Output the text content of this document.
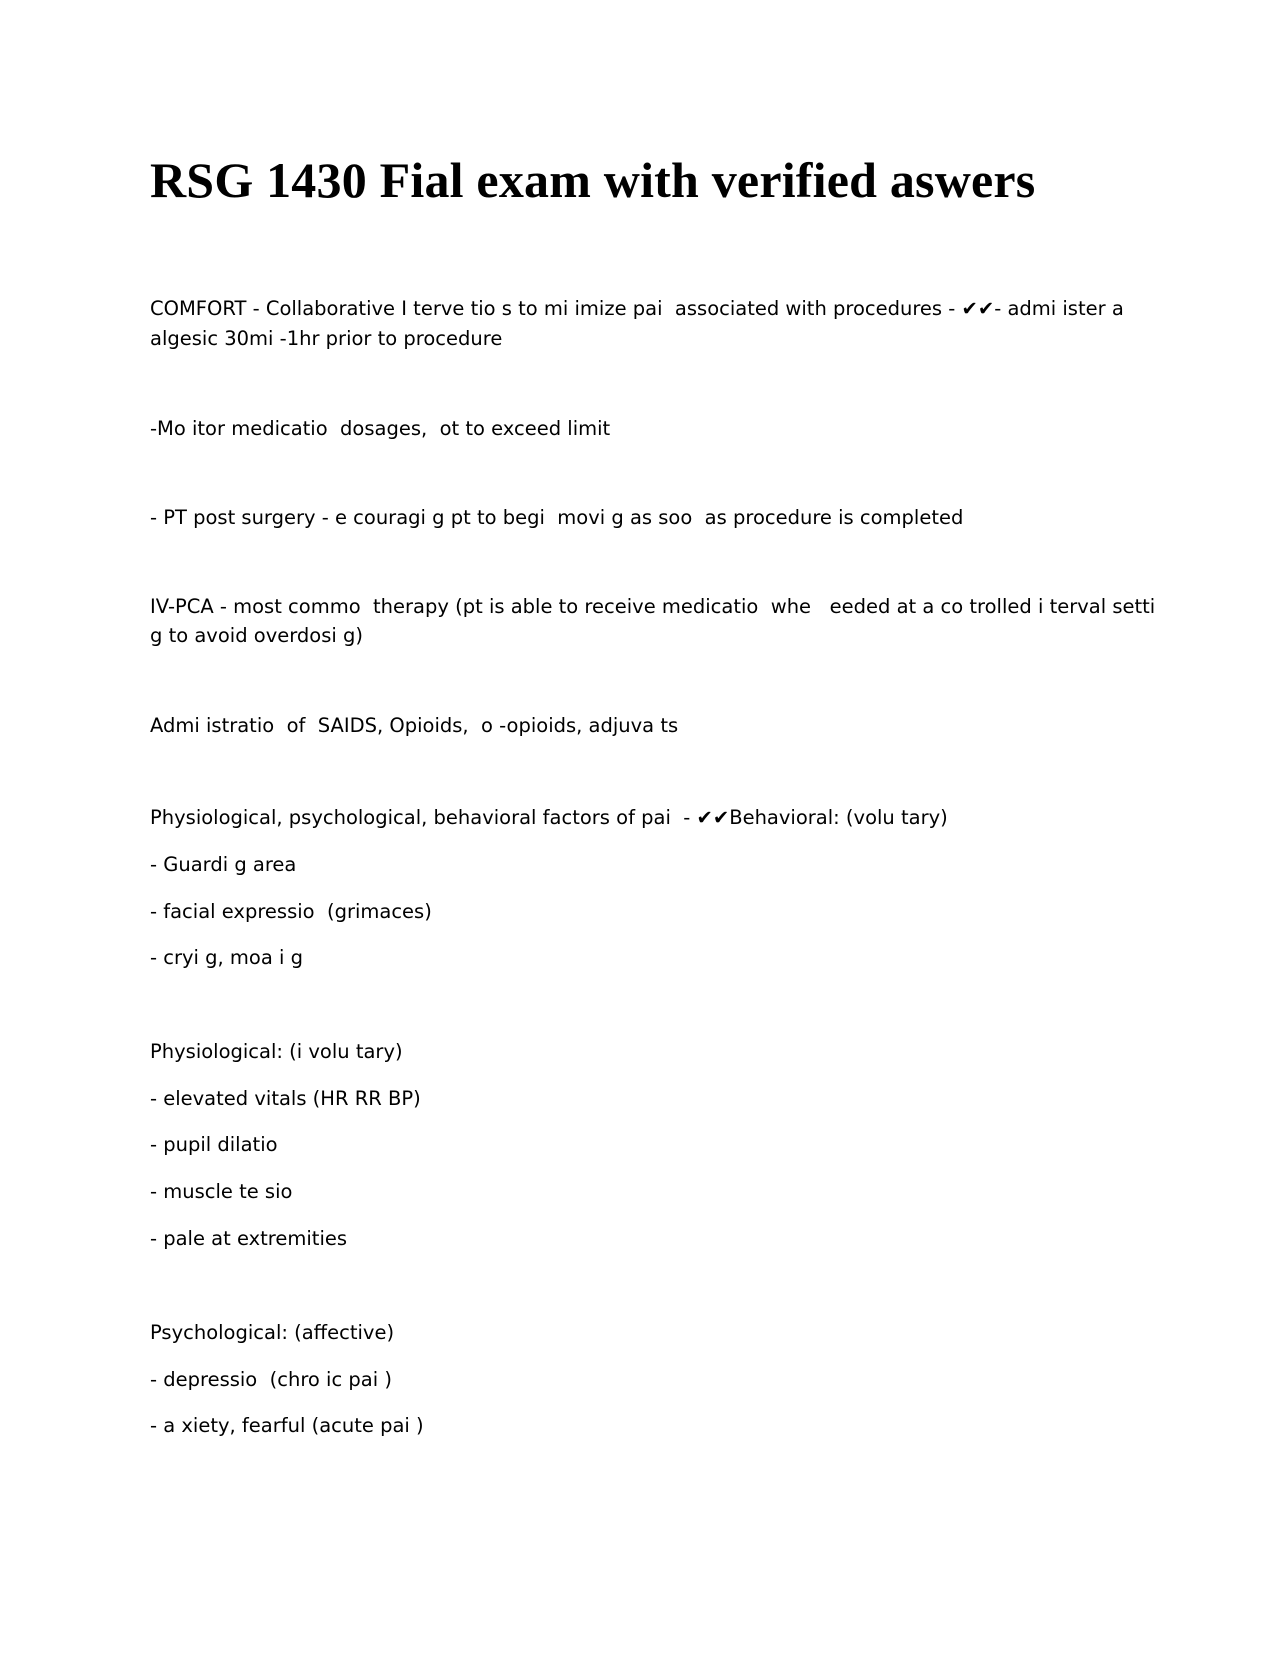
RSG 1430 Fial exam with verified aswers

COMFORT - Collaborative I terve tio s to mi imize pai  associated with procedures - ✔✔- admi ister a

algesic 30mi -1hr prior to procedure

-Mo itor medicatio  dosages,  ot to exceed limit

- PT post surgery - e couragi g pt to begi  movi g as soo  as procedure is completed

IV-PCA - most commo  therapy (pt is able to receive medicatio  whe   eeded at a co trolled i terval setti

g to avoid overdosi g)

Admi istratio  of  SAIDS, Opioids,  o -opioids, adjuva ts

Physiological, psychological, behavioral factors of pai  - ✔✔Behavioral: (volu tary)

- Guardi g area

- facial expressio  (grimaces)

- cryi g, moa i g

Physiological: (i volu tary)

- elevated vitals (HR RR BP)

- pupil dilatio

- muscle te sio

- pale at extremities

Psychological: (affective)

- depressio  (chro ic pai )

- a xiety, fearful (acute pai )
